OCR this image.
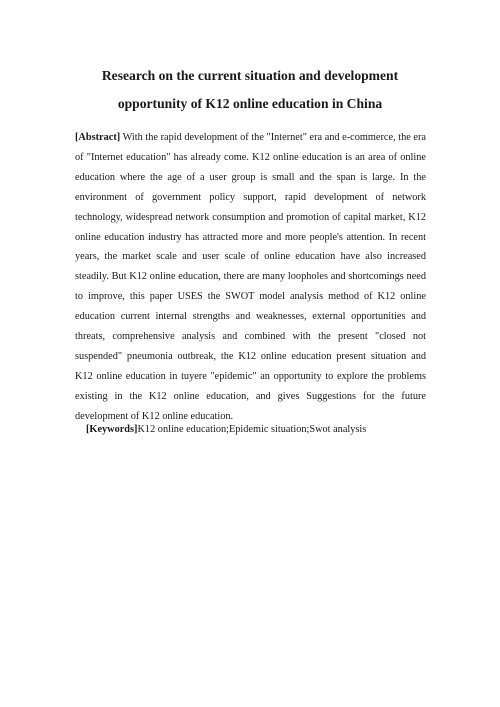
Research on the current situation and development
opportunity of K12 online education in China

[Abstract] With the rapid development of the "Internet" era and e-commerce, the era of "Internet education" has already come. K12 online education is an area of online education where the age of a user group is small and the span is large. In the environment of government policy support, rapid development of network technology, widespread network consumption and promotion of capital market, K12 online education industry has attracted more and more people's attention. In recent years, the market scale and user scale of online education have also increased steadily. But K12 online education, there are many loopholes and shortcomings need to improve, this paper USES the SWOT model analysis method of K12 online education current internal strengths and weaknesses, external opportunities and threats, comprehensive analysis and combined with the present "closed not suspended" pneumonia outbreak, the K12 online education present situation and K12 online education in tuyere "epidemic" an opportunity to explore the problems existing in the K12 online education, and gives Suggestions for the future development of K12 online education.

[Keywords]K12 online education;Epidemic situation;Swot analysis
